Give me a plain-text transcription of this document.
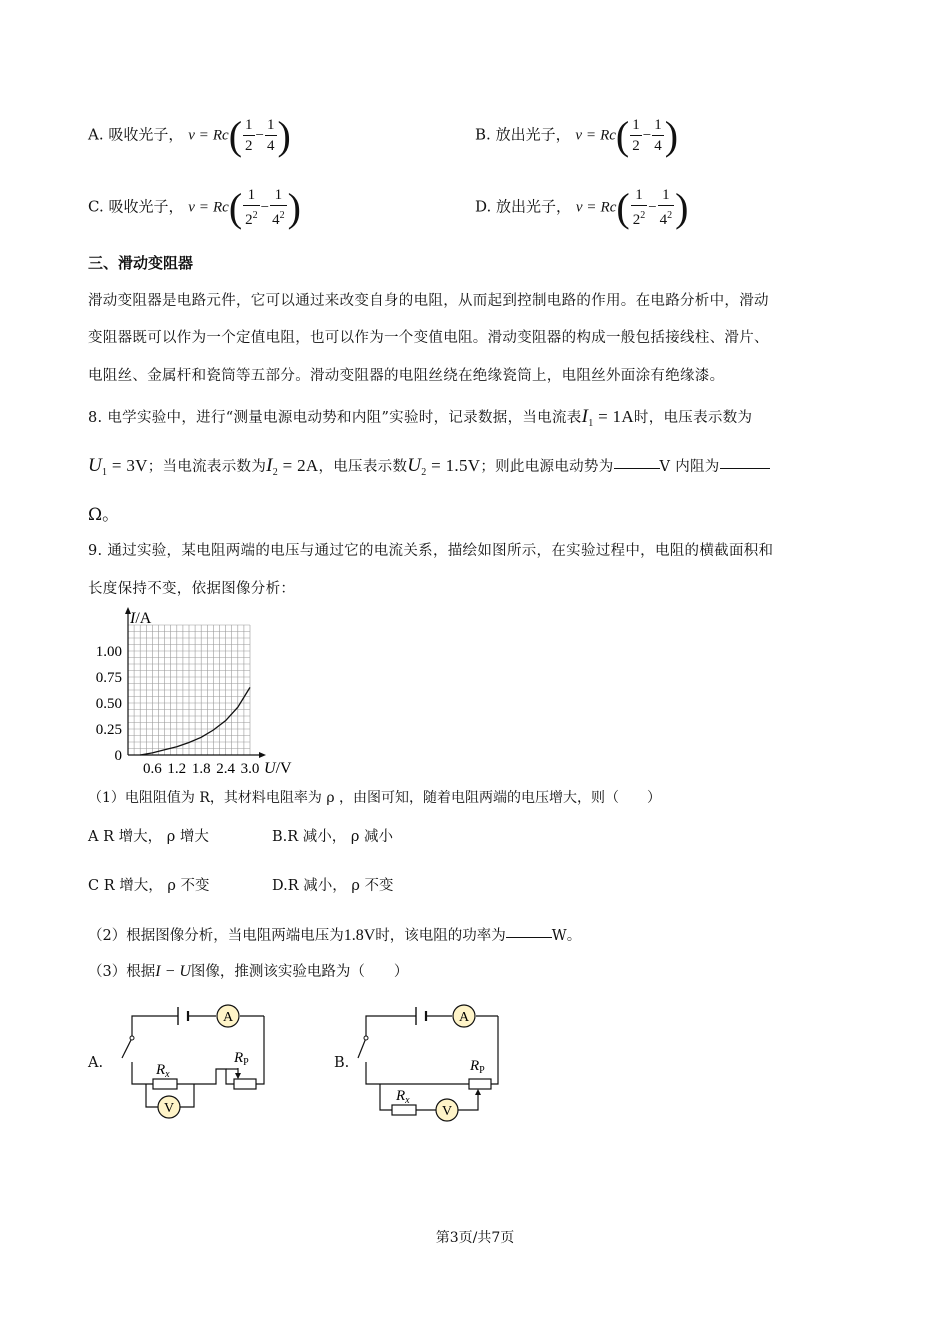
A. 吸收光子， $\nu = Rc( \frac{1}{2} - \frac{1}{4}$ )	B. 放出光子， $\nu = Rc( \frac{1}{2} - \frac{1}{4}$ )
C. 吸收光子， $\nu = Rc( \frac{1}{2^2} - \frac{1}{4^2}$ )	D. 放出光子， $\nu = Rc( \frac{1}{2^2} - \frac{1}{4^2}$ )
三、滑动变阻器
滑动变阻器是电路元件，它可以通过来改变自身的电阻，从而起到控制电路的作用。在电路分析中，滑动
变阻器既可以作为一个定值电阻，也可以作为一个变值电阻。滑动变阻器的构成一般包括接线柱、滑片、
电阻丝、金属杆和瓷筒等五部分。滑动变阻器的电阻丝绕在绝缘瓷筒上，电阻丝外面涂有绝缘漆。
8. 电学实验中，进行“测量电源电动势和内阻”实验时，记录数据，当电流表$I_1 = 1A$时，电压表示数为
$U_1 = 3V$；当电流表示数为$I_2 = 2A$，电压表示数$U_2 = 1.5V$；则此电源电动势为	V 内阻为
Ω。
9. 通过实验，某电阻两端的电压与通过它的电流关系，描绘如图所示，在实验过程中，电阻的横截面积和
长度保持不变，依据图像分析：
0.6 1.2 1.8 2.4 3.0
0
0.25
0.50
0.75
1.00
I/A
U/V
（1）电阻阻值为 R，其材料电阻率为 ρ ，由图可知，随着电阻两端的电压增大，则（　　）
A R 增大， ρ 增大	B.R 减小， ρ 减小
C R 增大， ρ 不变	D.R 减小， ρ 不变
（2）根据图像分析，当电阻两端电压为1.8V时，该电阻的功率为	W。
（3）根据I − U图像，推测该实验电路为（　　）
A.
A
V
$R_x$
$R_P$	B.
A
V
$R_x$
$R_P$
第3页/共7页
